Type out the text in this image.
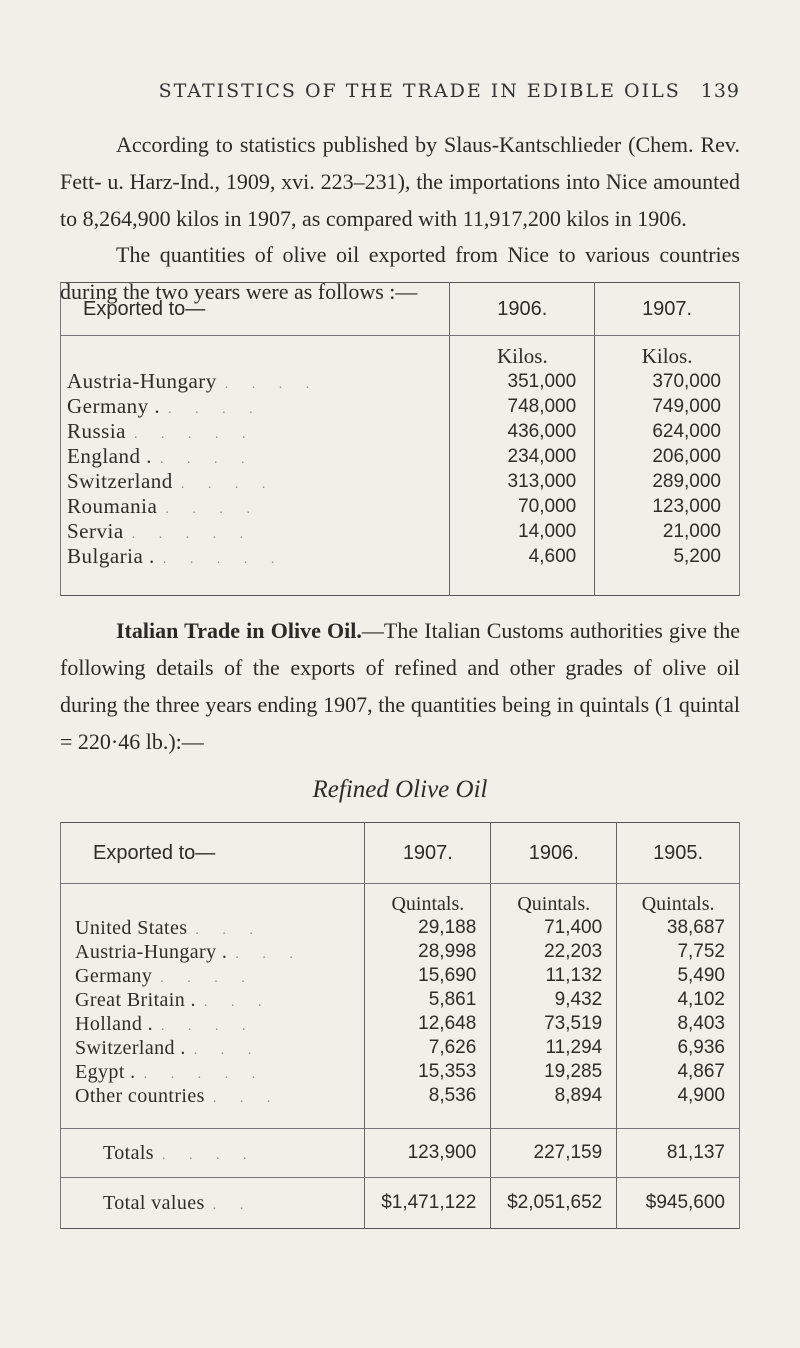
STATISTICS OF THE TRADE IN EDIBLE OILS 139
According to statistics published by Slaus-Kantschlieder (Chem. Rev. Fett- u. Harz-Ind., 1909, xvi. 223–231), the importations into Nice amounted to 8,264,900 kilos in 1907, as compared with 11,917,200 kilos in 1906.
The quantities of olive oil exported from Nice to various countries during the two years were as follows :—
Exported to—	1906.	1907.
	Kilos.	Kilos.
Austria-Hungary . . . .	351,000	370,000
Germany . . . . .	748,000	749,000
Russia . . . . .	436,000	624,000
England . . . . .	234,000	206,000
Switzerland . . . .	313,000	289,000
Roumania . . . .	70,000	123,000
Servia . . . . .	14,000	21,000
Bulgaria . . . . . .	4,600	5,200
Italian Trade in Olive Oil.—The Italian Customs authorities give the following details of the exports of refined and other grades of olive oil during the three years ending 1907, the quantities being in quintals (1 quintal = 220·46 lb.):—
Refined Olive Oil
Exported to—	1907.	1906.	1905.
	Quintals.	Quintals.	Quintals.
United States . . .	29,188	71,400	38,687
Austria-Hungary . . . .	28,998	22,203	7,752
Germany . . . .	15,690	11,132	5,490
Great Britain . . . .	5,861	9,432	4,102
Holland . . . . .	12,648	73,519	8,403
Switzerland . . . .	7,626	11,294	6,936
Egypt . . . . . .	15,353	19,285	4,867
Other countries . . .	8,536	8,894	4,900
Totals . . . .	123,900	227,159	81,137
Total values . .	$1,471,122	$2,051,652	$945,600
